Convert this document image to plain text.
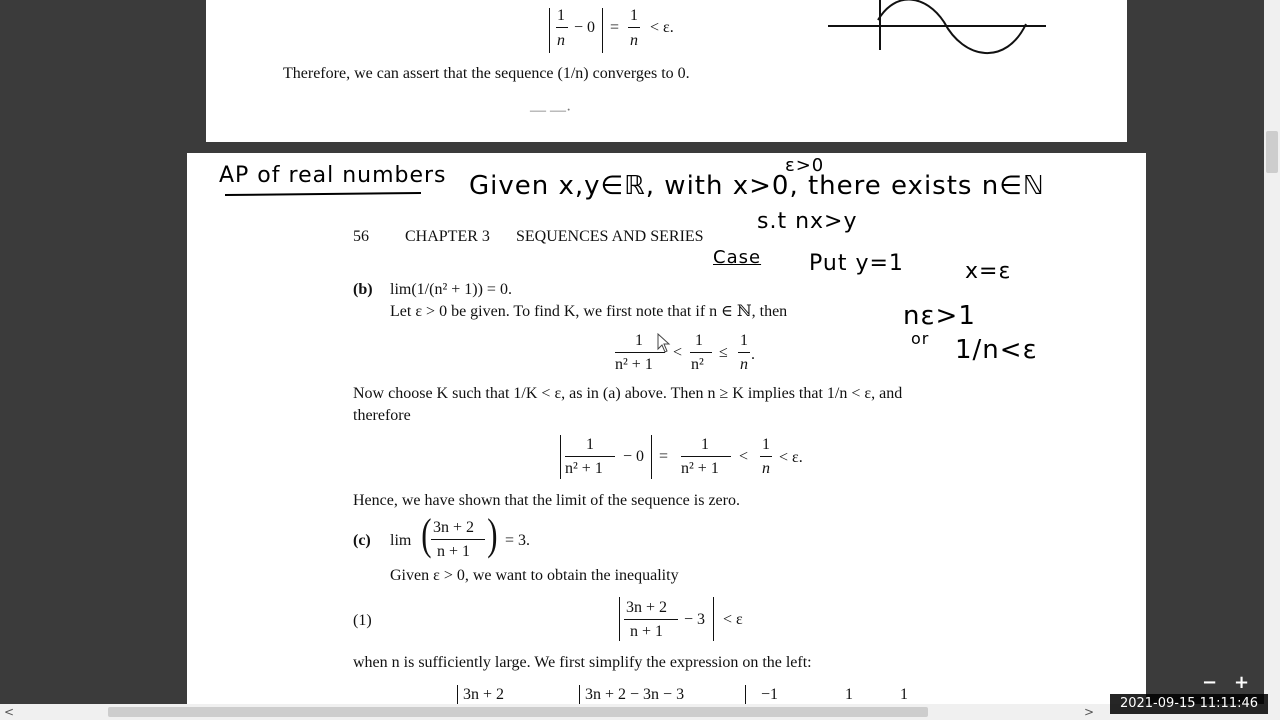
1
n
− 0 =
1
n
< ε.
Therefore, we can assert that the sequence (1/n) converges to 0.
— —·
AP of real numbers Given x,y∈ℝ, with x>0, there exists n∈ℕ
ε>0
s.t nx>y
Case Put y=1	x=ε
nε>1
or 1/n<ε
56 CHAPTER 3 SEQUENCES AND SERIES
(b) lim(1/(n² + 1)) = 0.
Let ε > 0 be given. To find K, we first note that if n ∈ ℕ, then
1
n² + 1
<
1
n²
≤
1
n
.
Now choose K such that 1/K < ε, as in (a) above. Then n ≥ K implies that 1/n < ε, and
therefore
1
n² + 1
− 0 =
1
n² + 1
<
1
n
< ε.
Hence, we have shown that the limit of the sequence is zero.
(c) lim ( 3n + 2
n + 1 ) = 3.
Given ε > 0, we want to obtain the inequality
(1)
3n + 2
n + 1
− 3 < ε
when n is sufficiently large. We first simplify the expression on the left:
3n + 2	3n + 2 − 3n − 3	−1	1	1
<	>
− +
2021-09-15 11:11:46
